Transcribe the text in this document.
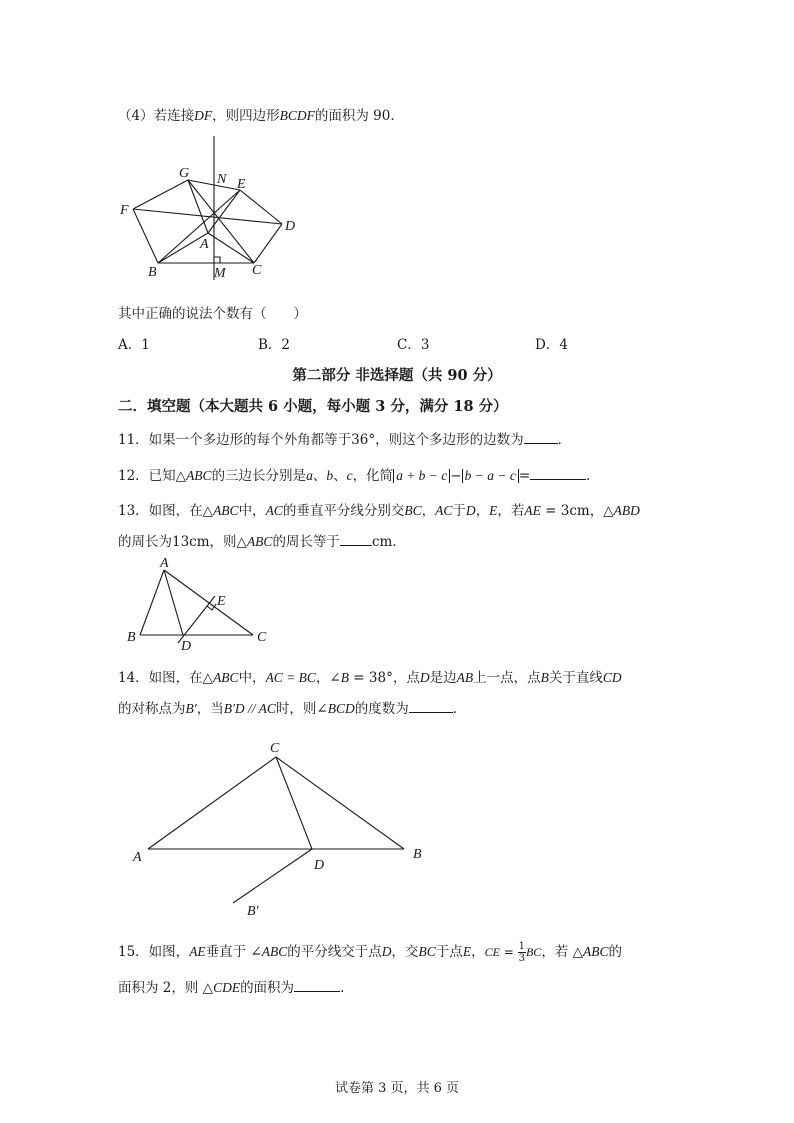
（4）若连接DF，则四边形BCDF的面积为 90．
G N E
F
D
A
B	M C
其中正确的说法个数有（　　）
A．1	B．2	C．3	D．4
第二部分 非选择题（共 90 分）
二．填空题（本大题共 6 小题，每小题 3 分，满分 18 分）
11．如果一个多边形的每个外角都等于36°，则这个多边形的边数为	．
12．已知△ABC的三边长分别是a、b、c，化简 a + b − c − b − a − c =	．
13．如图，在△ABC中，AC的垂直平分线分别交BC，AC于D，E，若AE = 3cm，△ABD
的周长为13cm，则△ABC的周长等于 cm．
A
E
B
D
C
14．如图，在△ABC中，AC = BC，∠B = 38°，点D是边AB上一点，点B关于直线CD
的对称点为B′，当B′D // AC时，则∠BCD的度数为	．
C
A
D
B
B′
15．如图，AE垂直于 ∠ABC的平分线交于点D，交BC于点E，CE = $\frac{1}{3}$ BC，若 △ABC的
面积为 2，则 △CDE的面积为	.
试卷第 3 页，共 6 页
